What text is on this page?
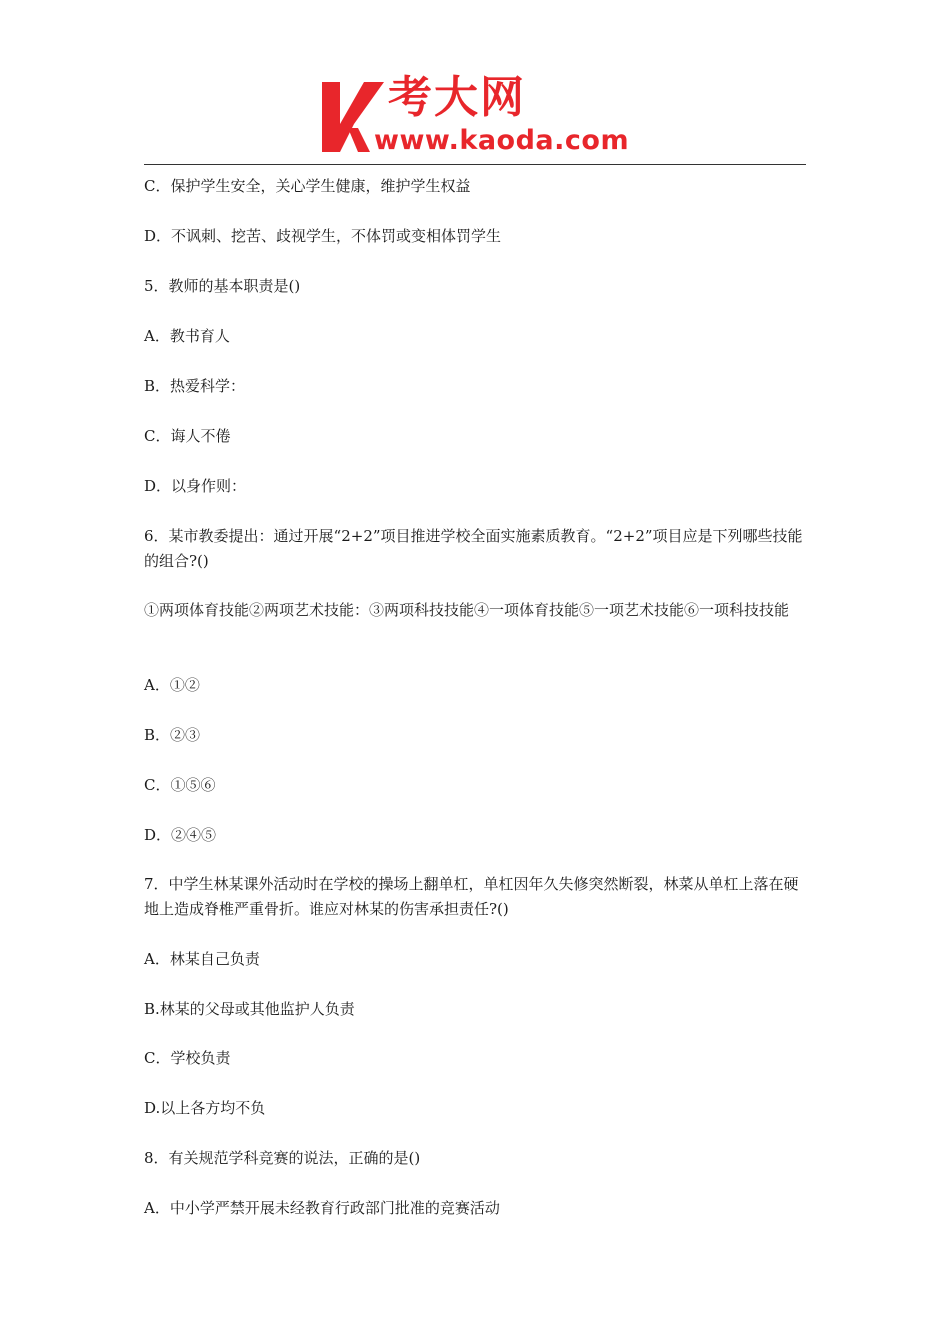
考大网
www.kaoda.com

C．保护学生安全，关心学生健康，维护学生权益

D．不讽刺、挖苦、歧视学生，不体罚或变相体罚学生

5．教师的基本职责是()

A．教书育人

B．热爱科学：

C．诲人不倦

D．以身作则：

6．某市教委提出：通过开展“2+2”项目推进学校全面实施素质教育。“2+2”项目应是下列哪些技能的组合?()

①两项体育技能②两项艺术技能：③两项科技技能④一项体育技能⑤一项艺术技能⑥一项科技技能

A．①②

B．②③

C．①⑤⑥

D．②④⑤

7．中学生林某课外活动时在学校的操场上翻单杠，单杠因年久失修突然断裂，林菜从单杠上落在硬地上造成脊椎严重骨折。谁应对林某的伤害承担责任?()

A．林某自己负责

B.林某的父母或其他监护人负责

C．学校负责

D.以上各方均不负

8．有关规范学科竞赛的说法，正确的是()

A．中小学严禁开展未经教育行政部门批准的竞赛活动
